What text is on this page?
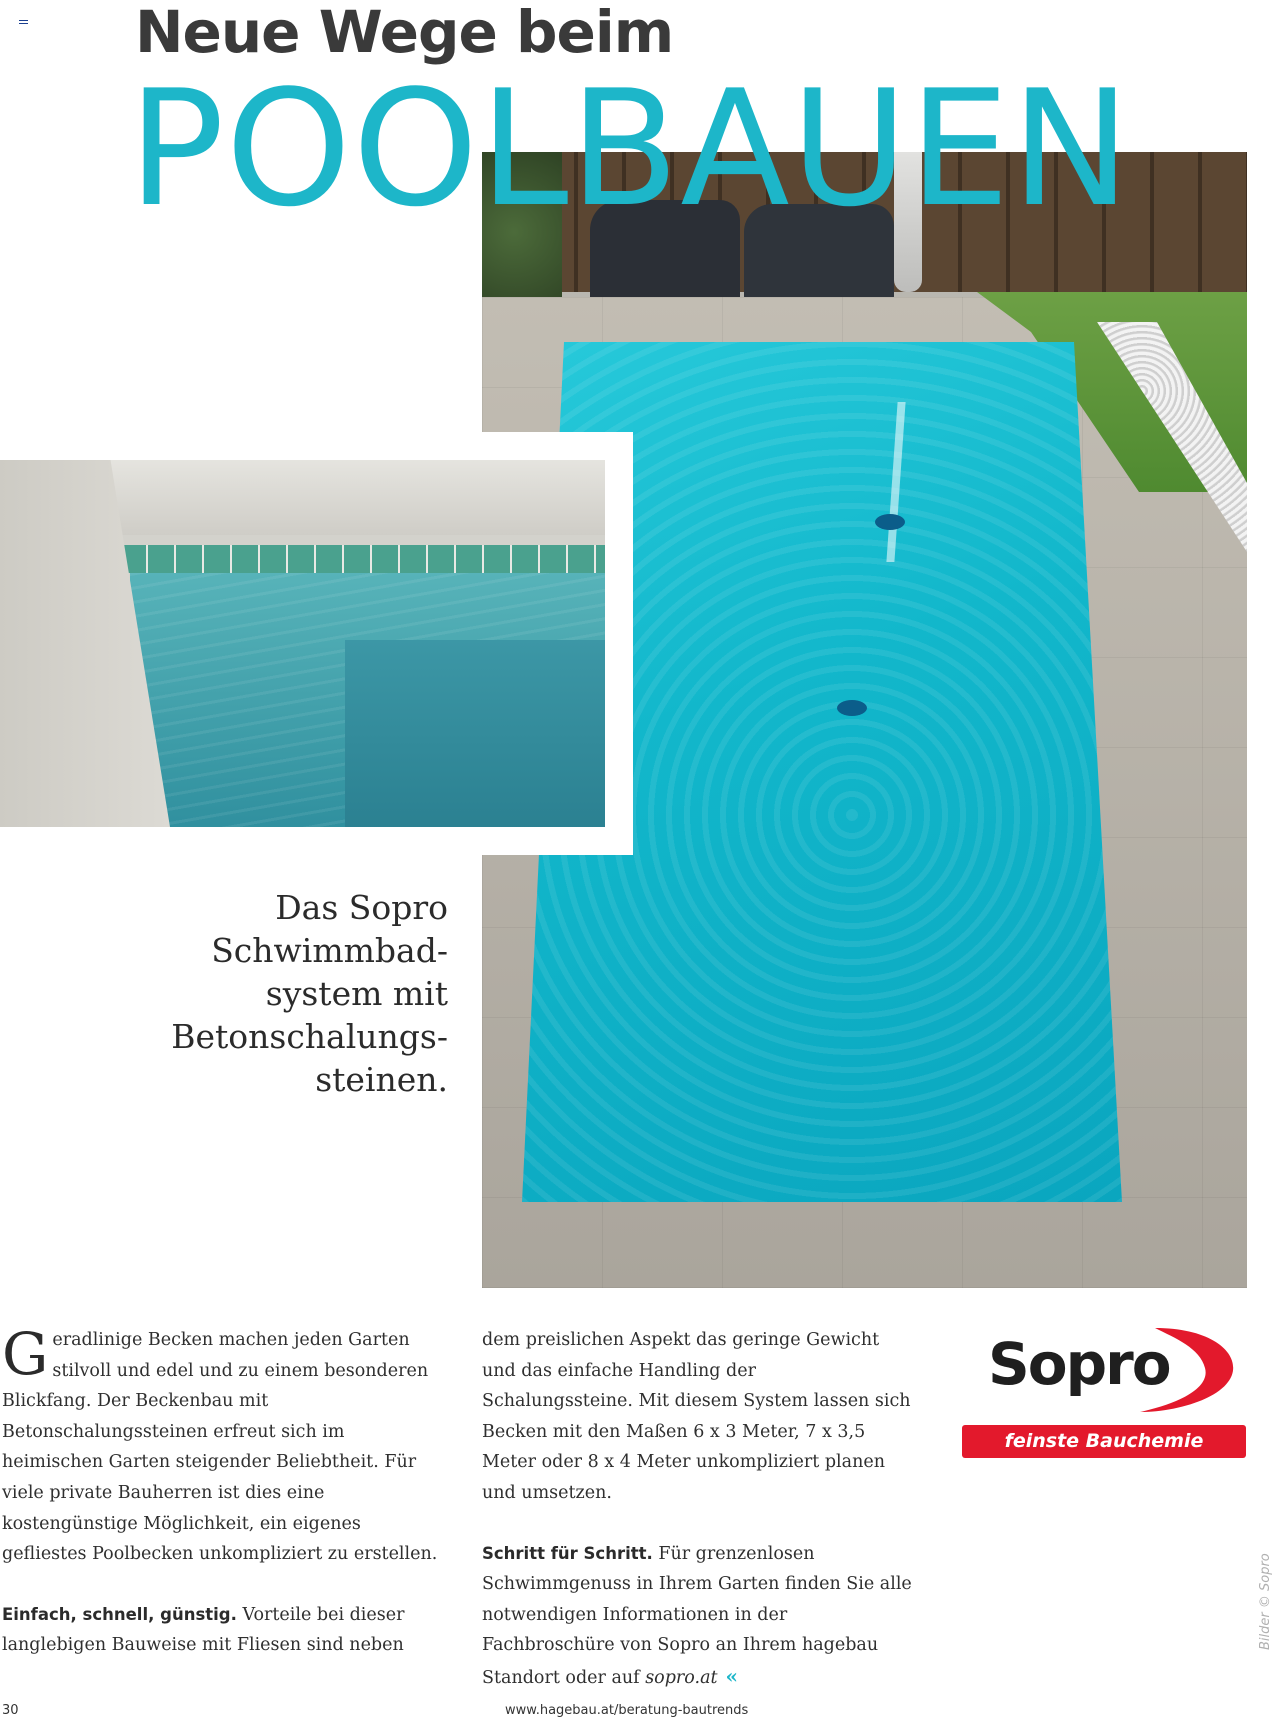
Neue Wege beim
POOLBAUEN
Das Sopro
Schwimmbad-
system mit
Betonschalungs-
steinen.

Geradlinige Becken machen jeden Garten stilvoll und edel und zu einem besonderen Blickfang. Der Beckenbau mit Betonschalungssteinen erfreut sich im heimischen Garten steigender Beliebtheit. Für viele private Bauherren ist dies eine kostengünstige Möglichkeit, ein eigenes gefliestes Poolbecken unkompliziert zu erstellen.

Einfach, schnell, günstig. Vorteile bei dieser langlebigen Bauweise mit Fliesen sind neben

dem preislichen Aspekt das geringe Gewicht und das einfache Handling der Schalungssteine. Mit diesem System lassen sich Becken mit den Maßen 6 x 3 Meter, 7 x 3,5 Meter oder 8 x 4 Meter unkompliziert planen und umsetzen.

Schritt für Schritt. Für grenzenlosen Schwimmgenuss in Ihrem Garten finden Sie alle notwendigen Informationen in der Fachbroschüre von Sopro an Ihrem hagebau Standort oder auf sopro.at «

Sopro
feinste Bauchemie
Bilder © Sopro
30	www.hagebau.at/beratung-bautrends
